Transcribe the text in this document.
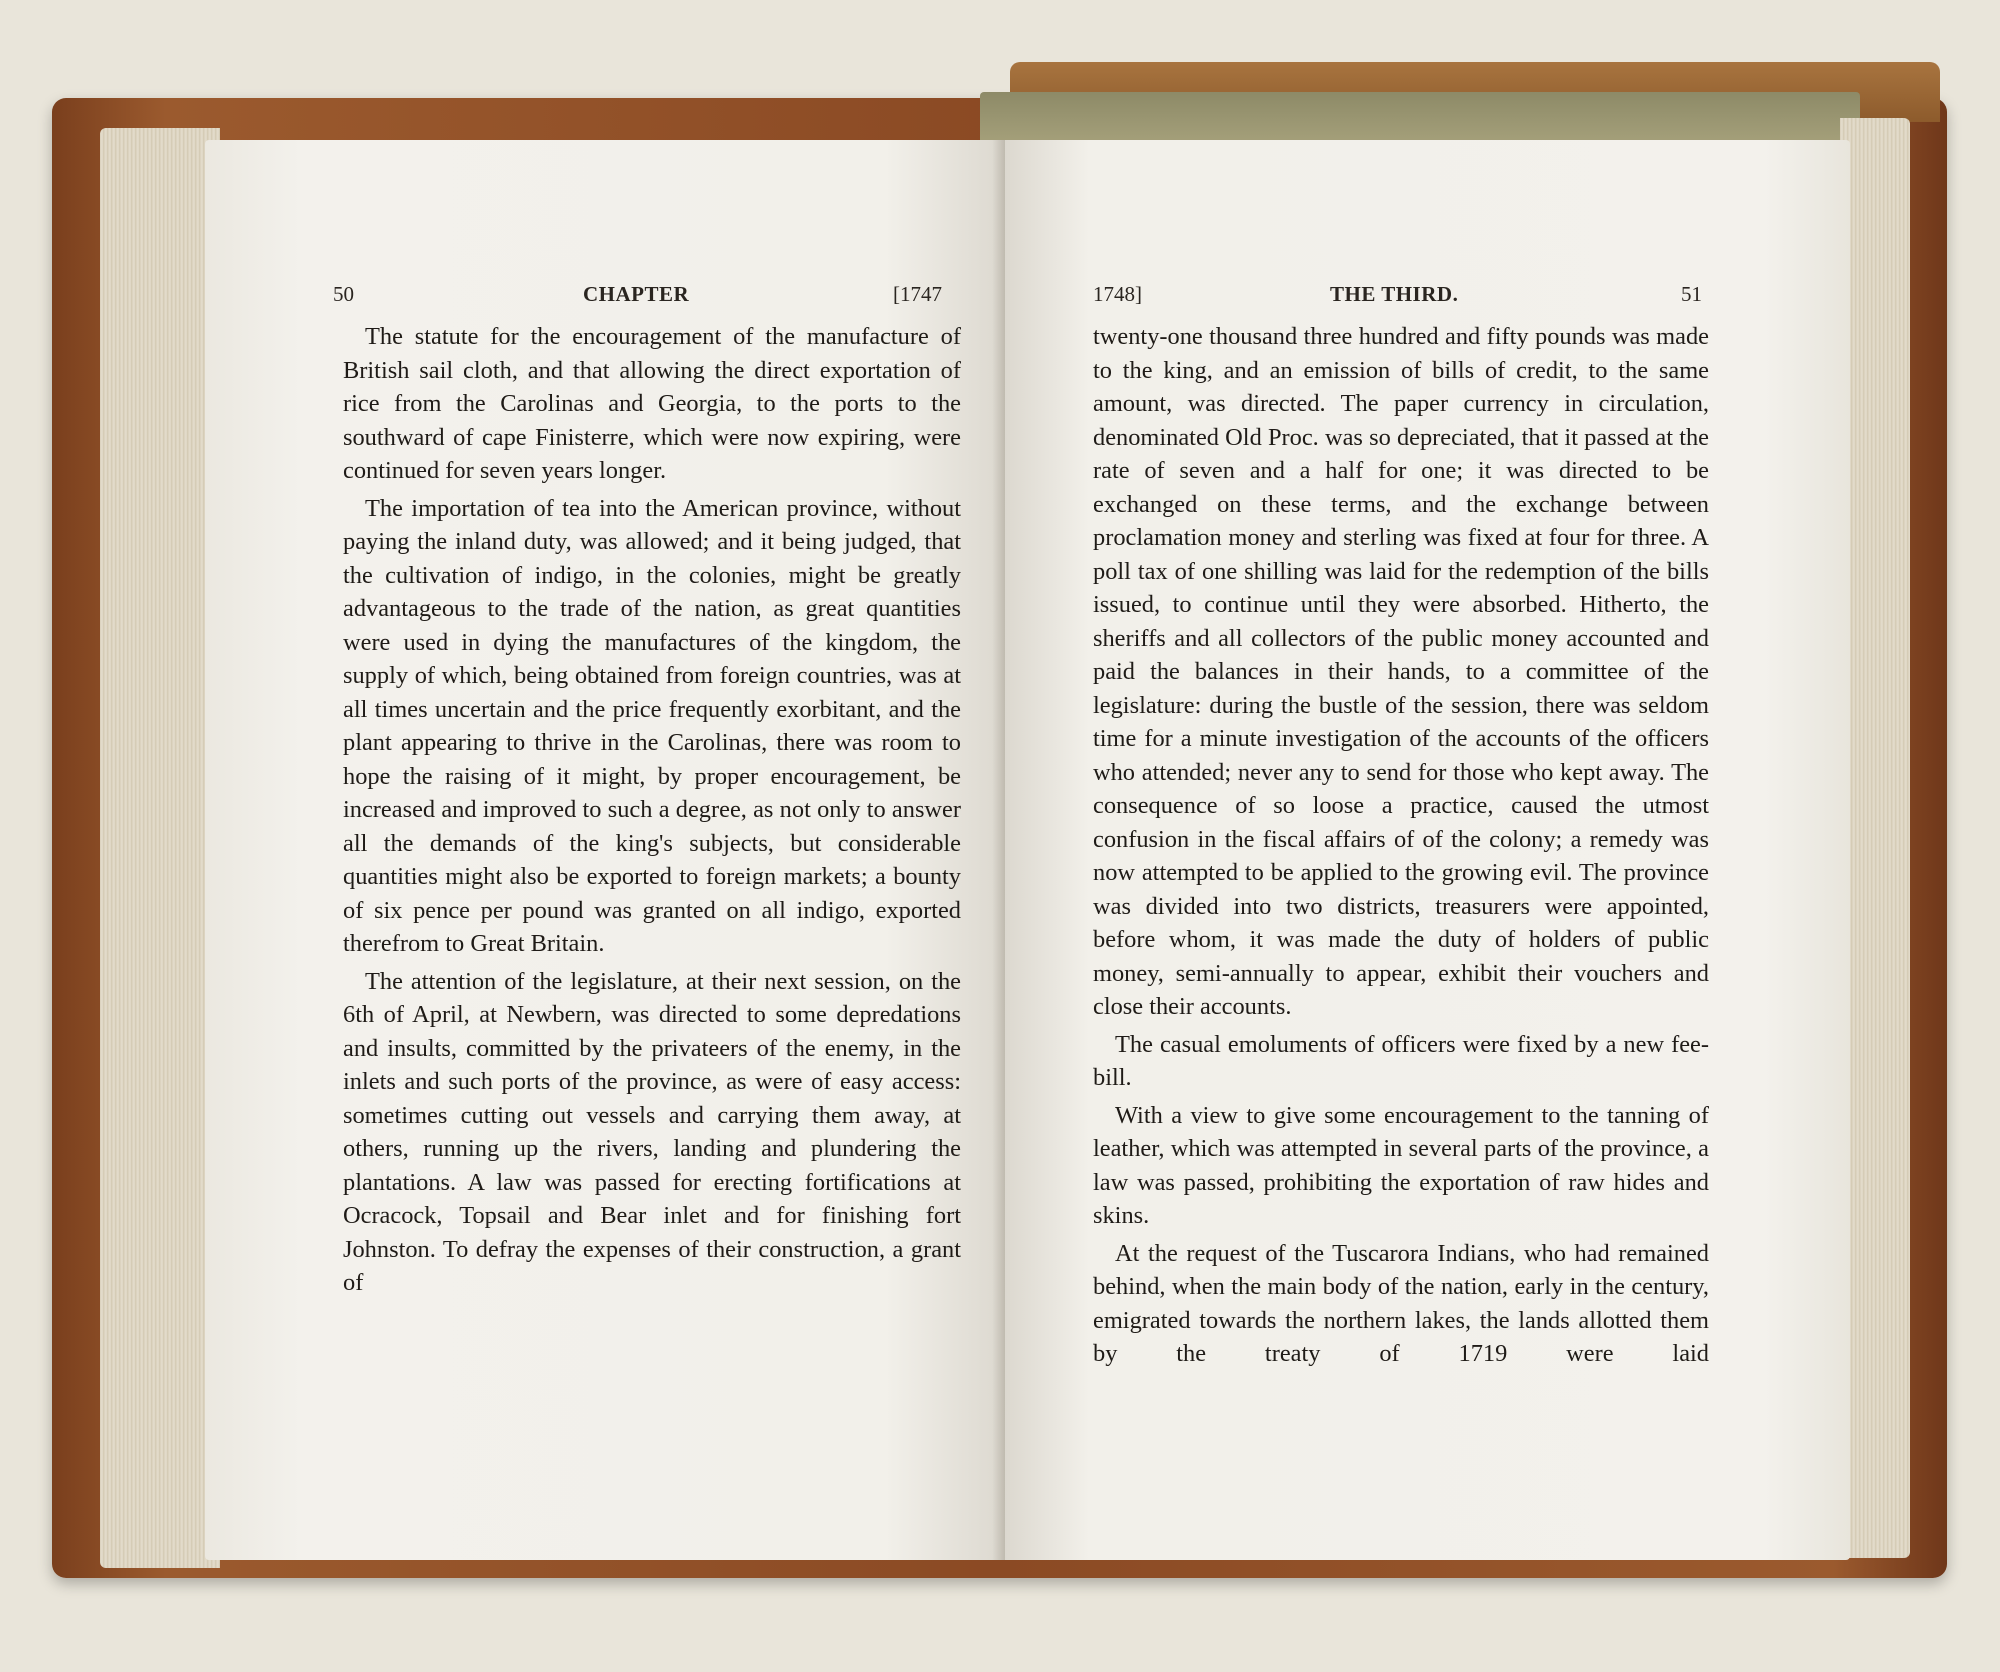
50	CHAPTER	[1747

The statute for the encouragement of the manufacture of British sail cloth, and that allowing the direct exportation of rice from the Carolinas and Georgia, to the ports to the southward of cape Finisterre, which were now expiring, were continued for seven years longer.

The importation of tea into the American province, without paying the inland duty, was allowed; and it being judged, that the cultivation of indigo, in the colonies, might be greatly advantageous to the trade of the nation, as great quantities were used in dying the manufactures of the kingdom, the supply of which, being obtained from foreign countries, was at all times uncertain and the price frequently exorbitant, and the plant appearing to thrive in the Carolinas, there was room to hope the raising of it might, by proper encouragement, be increased and improved to such a degree, as not only to answer all the demands of the king's subjects, but considerable quantities might also be exported to foreign markets; a bounty of six pence per pound was granted on all indigo, exported therefrom to Great Britain.

The attention of the legislature, at their next session, on the 6th of April, at Newbern, was directed to some depredations and insults, committed by the privateers of the enemy, in the inlets and such ports of the province, as were of easy access: sometimes cutting out vessels and carrying them away, at others, running up the rivers, landing and plundering the plantations. A law was passed for erecting fortifications at Ocracock, Topsail and Bear inlet and for finishing fort Johnston. To defray the expenses of their construction, a grant of

1748]	THE THIRD.	51

twenty-one thousand three hundred and fifty pounds was made to the king, and an emission of bills of credit, to the same amount, was directed. The paper currency in circulation, denominated Old Proc. was so depreciated, that it passed at the rate of seven and a half for one; it was directed to be exchanged on these terms, and the exchange between proclamation money and sterling was fixed at four for three. A poll tax of one shilling was laid for the redemption of the bills issued, to continue until they were absorbed. Hitherto, the sheriffs and all collectors of the public money accounted and paid the balances in their hands, to a committee of the legislature: during the bustle of the session, there was seldom time for a minute investigation of the accounts of the officers who attended; never any to send for those who kept away. The consequence of so loose a practice, caused the utmost confusion in the fiscal affairs of of the colony; a remedy was now attempted to be applied to the growing evil. The province was divided into two districts, treasurers were appointed, before whom, it was made the duty of holders of public money, semi-annually to appear, exhibit their vouchers and close their accounts.

The casual emoluments of officers were fixed by a new fee-bill.

With a view to give some encouragement to the tanning of leather, which was attempted in several parts of the province, a law was passed, prohibiting the exportation of raw hides and skins.

At the request of the Tuscarora Indians, who had remained behind, when the main body of the nation, early in the century, emigrated towards the northern lakes, the lands allotted them by the treaty of 1719 were laid
